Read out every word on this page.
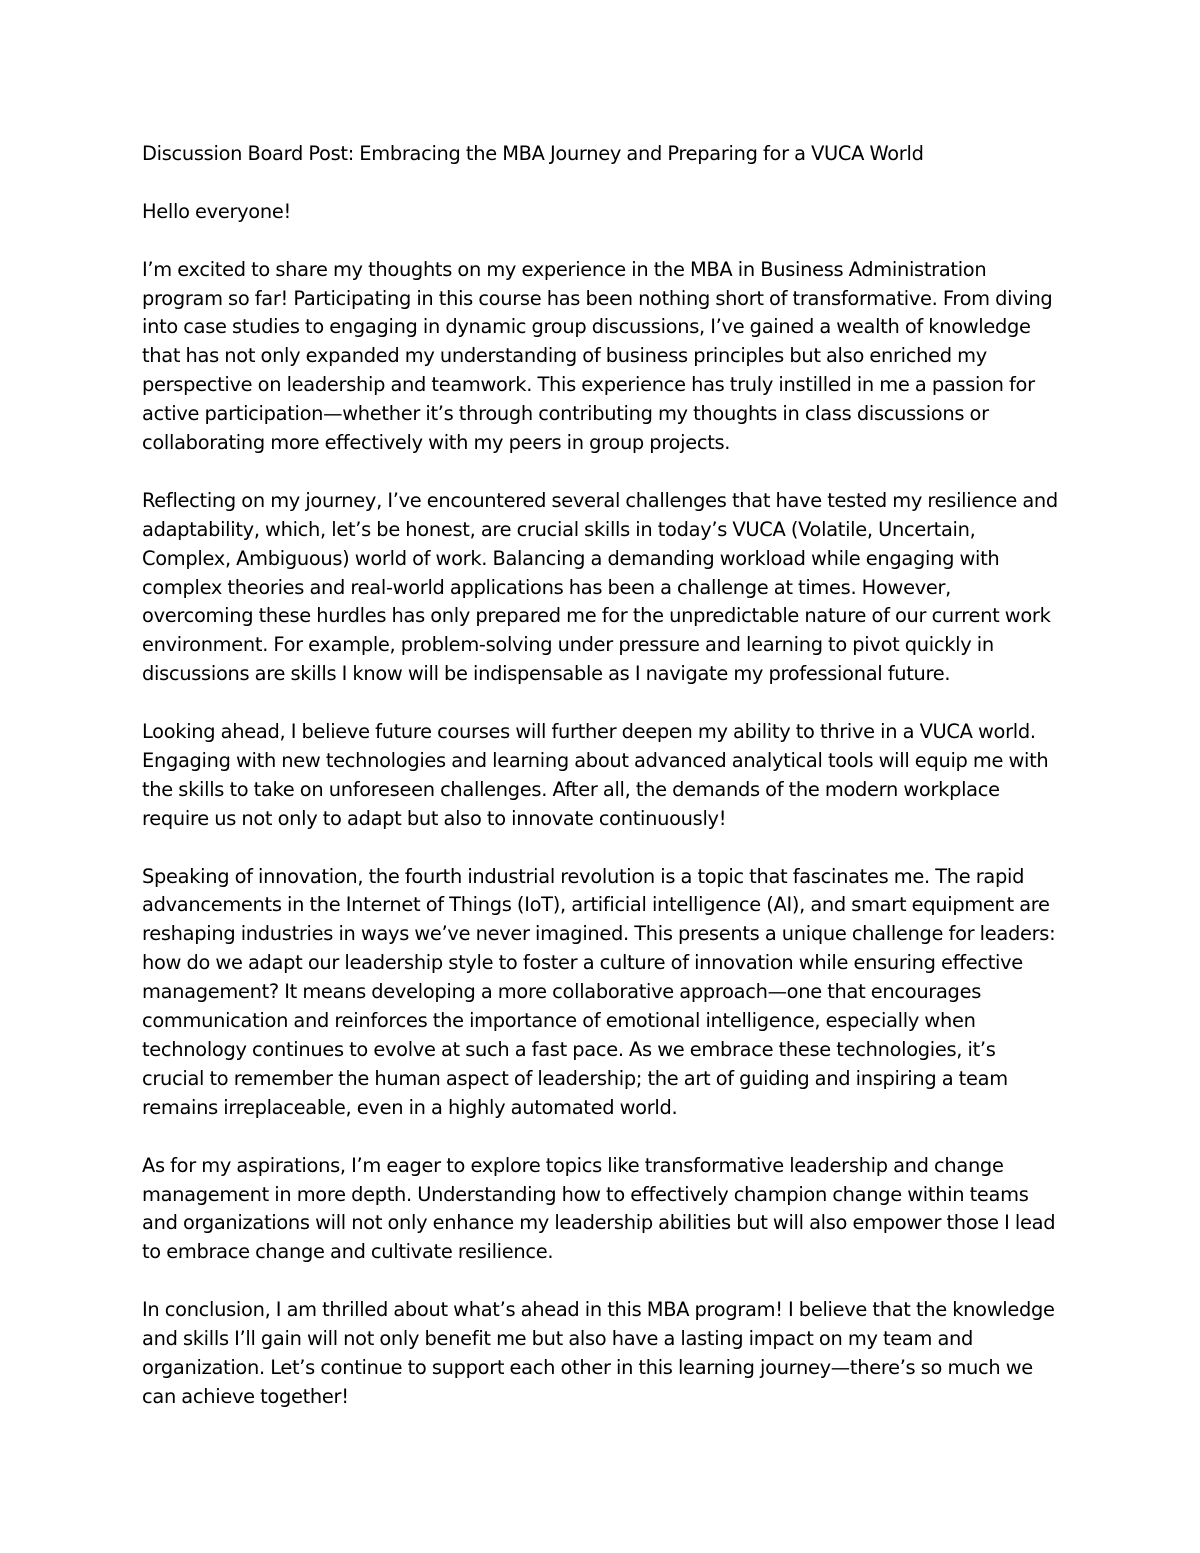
Discussion Board Post: Embracing the MBA Journey and Preparing for a VUCA World

Hello everyone!

I’m excited to share my thoughts on my experience in the MBA in Business Administration program so far! Participating in this course has been nothing short of transformative. From diving into case studies to engaging in dynamic group discussions, I’ve gained a wealth of knowledge that has not only expanded my understanding of business principles but also enriched my perspective on leadership and teamwork. This experience has truly instilled in me a passion for active participation—whether it’s through contributing my thoughts in class discussions or collaborating more effectively with my peers in group projects.

Reflecting on my journey, I’ve encountered several challenges that have tested my resilience and adaptability, which, let’s be honest, are crucial skills in today’s VUCA (Volatile, Uncertain, Complex, Ambiguous) world of work. Balancing a demanding workload while engaging with complex theories and real-world applications has been a challenge at times. However, overcoming these hurdles has only prepared me for the unpredictable nature of our current work environment. For example, problem-solving under pressure and learning to pivot quickly in discussions are skills I know will be indispensable as I navigate my professional future.

Looking ahead, I believe future courses will further deepen my ability to thrive in a VUCA world. Engaging with new technologies and learning about advanced analytical tools will equip me with the skills to take on unforeseen challenges. After all, the demands of the modern workplace require us not only to adapt but also to innovate continuously!

Speaking of innovation, the fourth industrial revolution is a topic that fascinates me. The rapid advancements in the Internet of Things (IoT), artificial intelligence (AI), and smart equipment are reshaping industries in ways we’ve never imagined. This presents a unique challenge for leaders: how do we adapt our leadership style to foster a culture of innovation while ensuring effective management? It means developing a more collaborative approach—one that encourages communication and reinforces the importance of emotional intelligence, especially when technology continues to evolve at such a fast pace. As we embrace these technologies, it’s crucial to remember the human aspect of leadership; the art of guiding and inspiring a team remains irreplaceable, even in a highly automated world.

As for my aspirations, I’m eager to explore topics like transformative leadership and change management in more depth. Understanding how to effectively champion change within teams and organizations will not only enhance my leadership abilities but will also empower those I lead to embrace change and cultivate resilience.

In conclusion, I am thrilled about what’s ahead in this MBA program! I believe that the knowledge and skills I’ll gain will not only benefit me but also have a lasting impact on my team and organization. Let’s continue to support each other in this learning journey—there’s so much we can achieve together!
